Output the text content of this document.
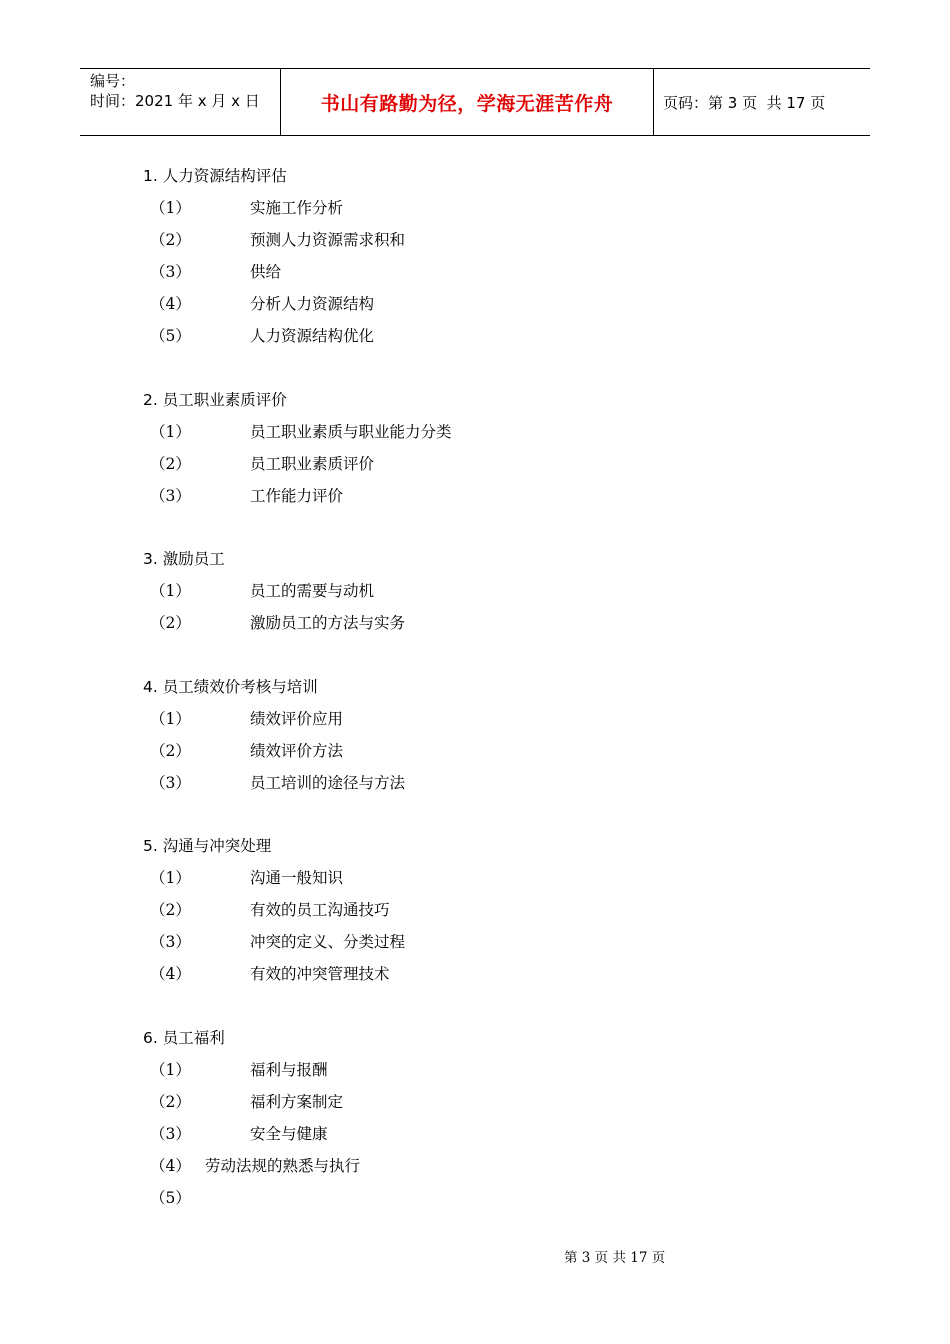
编号：
时间：2021 年 x 月 x 日	书山有路勤为径，学海无涯苦作舟	页码：第 3 页  共 17 页
1. 人力资源结构评估
（1）	实施工作分析
（2）	预测人力资源需求积和
（3）	供给
（4）	分析人力资源结构
（5）	人力资源结构优化
2. 员工职业素质评价
（1）	员工职业素质与职业能力分类
（2）	员工职业素质评价
（3）	工作能力评价
3. 激励员工
（1）	员工的需要与动机
（2）	激励员工的方法与实务
4. 员工绩效价考核与培训
（1）	绩效评价应用
（2）	绩效评价方法
（3）	员工培训的途径与方法
5. 沟通与冲突处理
（1）	沟通一般知识
（2）	有效的员工沟通技巧
（3）	冲突的定义、分类过程
（4）	有效的冲突管理技术
6. 员工福利
（1）	福利与报酬
（2）	福利方案制定
（3）	安全与健康
（4） 劳动法规的熟悉与执行
（5）
第 3 页 共 17 页
